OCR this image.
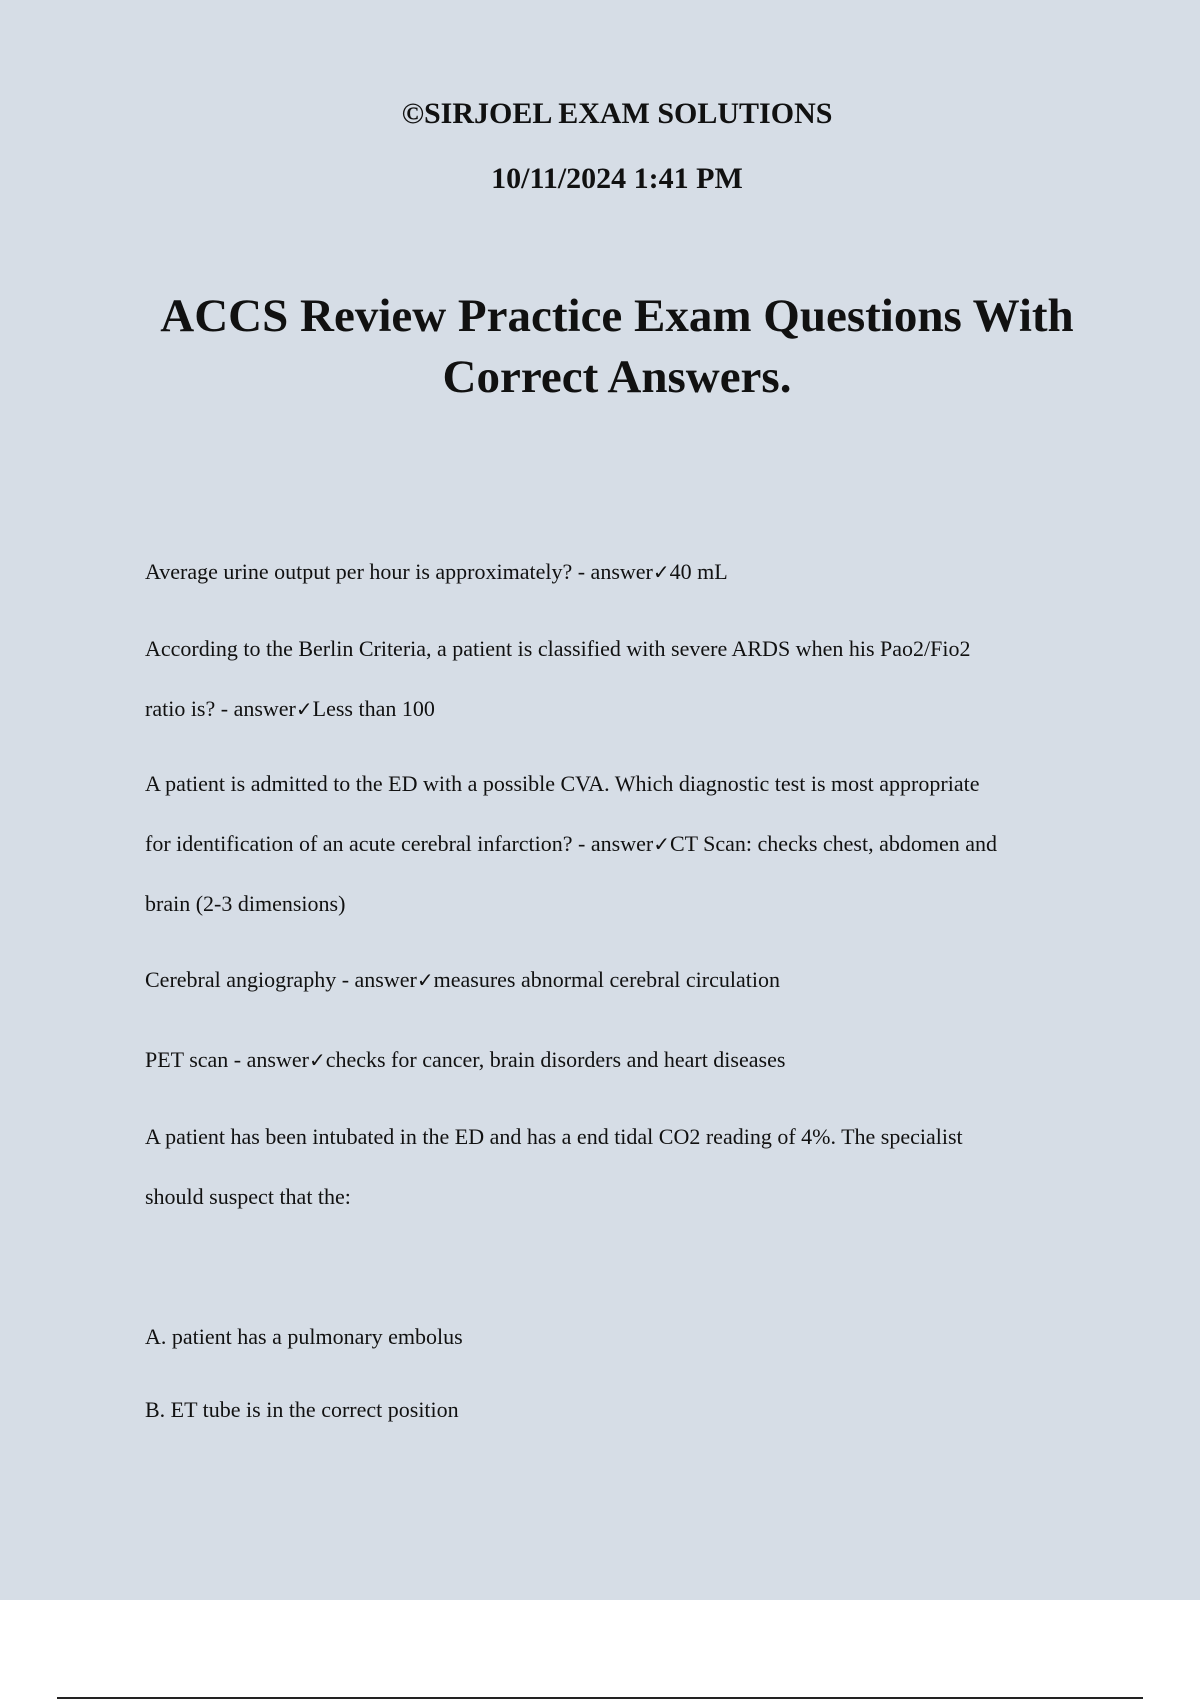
©SIRJOEL EXAM SOLUTIONS

10/11/2024 1:41 PM

ACCS Review Practice Exam Questions With
Correct Answers.

Average urine output per hour is approximately? - answer✓40 mL

According to the Berlin Criteria, a patient is classified with severe ARDS when his Pao2/Fio2

ratio is? - answer✓Less than 100

A patient is admitted to the ED with a possible CVA. Which diagnostic test is most appropriate

for identification of an acute cerebral infarction? - answer✓CT Scan: checks chest, abdomen and

brain (2-3 dimensions)

Cerebral angiography - answer✓measures abnormal cerebral circulation

PET scan - answer✓checks for cancer, brain disorders and heart diseases

A patient has been intubated in the ED and has a end tidal CO2 reading of 4%. The specialist

should suspect that the:

A. patient has a pulmonary embolus

B. ET tube is in the correct position
